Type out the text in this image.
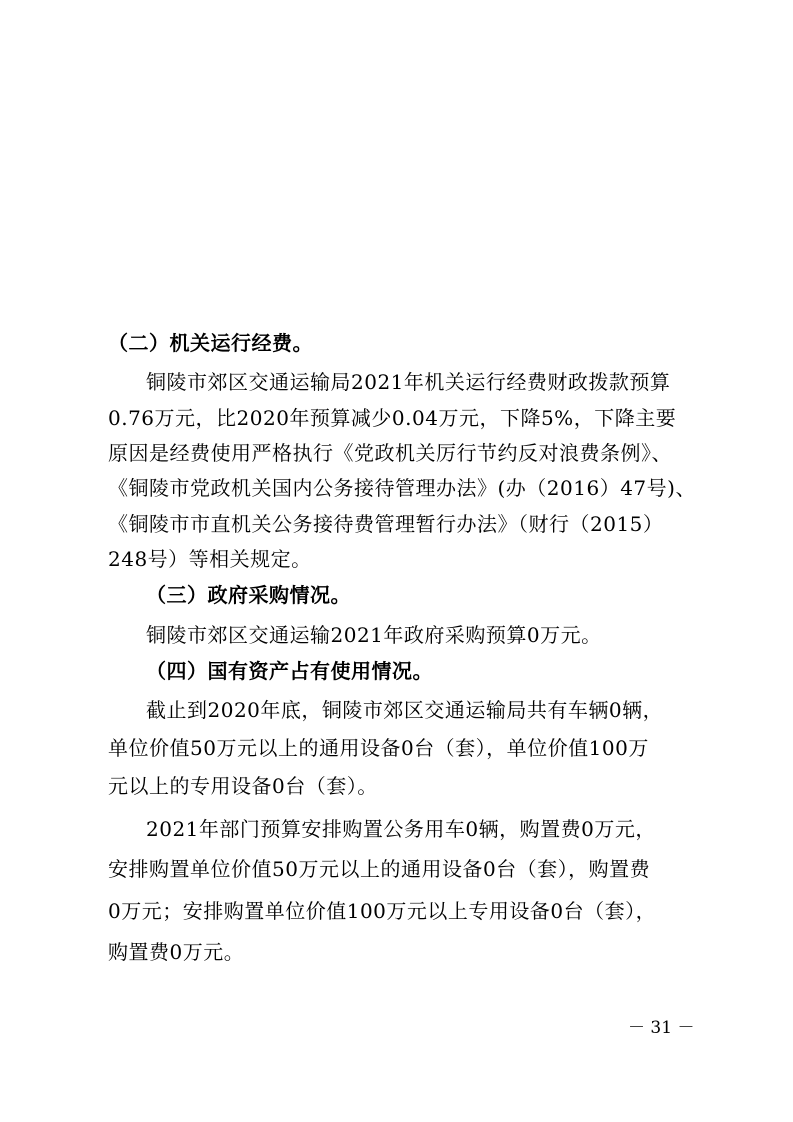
（二）机关运行经费。
铜陵市郊区交通运输局2021年机关运行经费财政拨款预算
0.76万元，比2020年预算减少0.04万元，下降5%，下降主要
原因是经费使用严格执行《党政机关厉行节约反对浪费条例》、
《铜陵市党政机关国内公务接待管理办法》(办（2016）47号)、
《铜陵市市直机关公务接待费管理暂行办法》（财行（2015）
248号）等相关规定。
（三）政府采购情况。
铜陵市郊区交通运输2021年政府采购预算0万元。
（四）国有资产占有使用情况。
截止到2020年底，铜陵市郊区交通运输局共有车辆0辆，
单位价值50万元以上的通用设备0台（套），单位价值100万
元以上的专用设备0台（套）。
2021年部门预算安排购置公务用车0辆，购置费0万元，
安排购置单位价值50万元以上的通用设备0台（套），购置费
0万元；安排购置单位价值100万元以上专用设备0台（套），
购置费0万元。
－ 31 －
